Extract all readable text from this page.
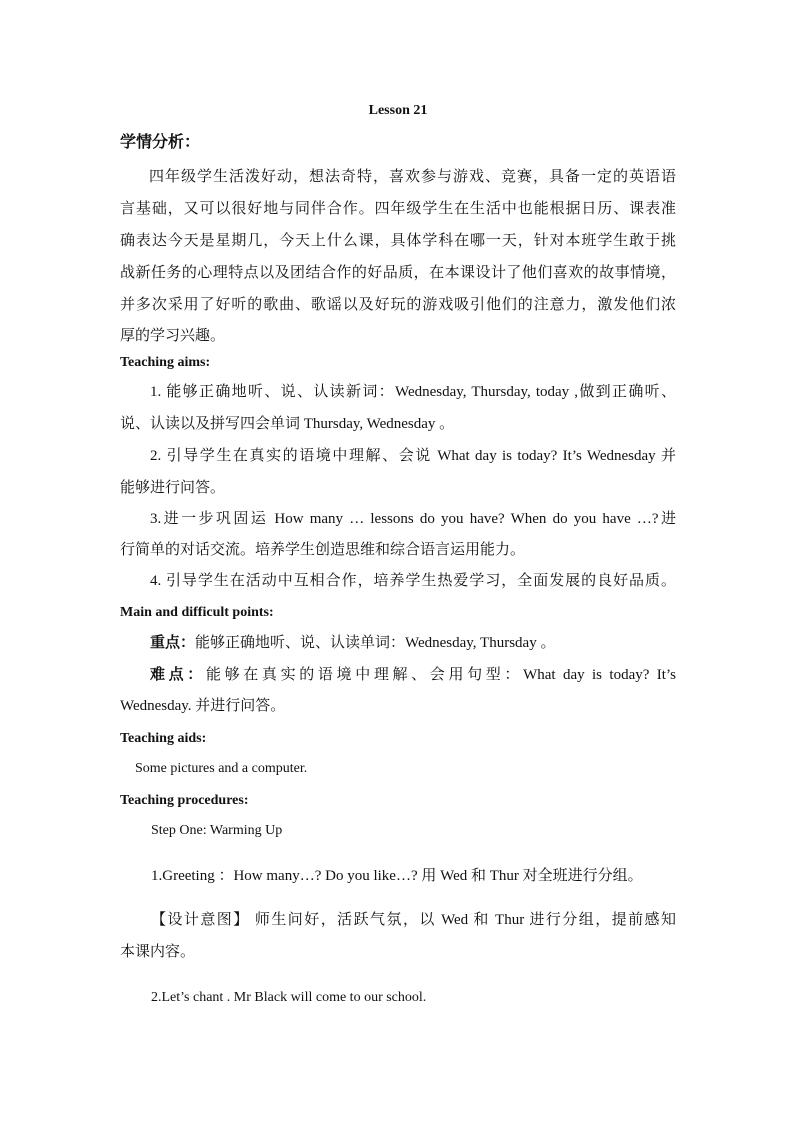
Lesson 21
学情分析：
四年级学生活泼好动，想法奇特，喜欢参与游戏、竞赛，具备一定的英语语
言基础，又可以很好地与同伴合作。四年级学生在生活中也能根据日历、课表准
确表达今天是星期几，今天上什么课，具体学科在哪一天，针对本班学生敢于挑
战新任务的心理特点以及团结合作的好品质，在本课设计了他们喜欢的故事情境，
并多次采用了好听的歌曲、歌谣以及好玩的游戏吸引他们的注意力，激发他们浓
厚的学习兴趣。
Teaching aims:
1. 能够正确地听、说、认读新词：Wednesday, Thursday, today ,做到正确听、
说、认读以及拼写四会单词 Thursday, Wednesday 。
2. 引导学生在真实的语境中理解、会说 What day is today? It’s Wednesday 并
能够进行问答。
3.进一步巩固运 How many … lessons do you have? When do you have …?进
行简单的对话交流。培养学生创造思维和综合语言运用能力。
4. 引导学生在活动中互相合作，培养学生热爱学习，全面发展的良好品质。
Main and difficult points:
重点：能够正确地听、说、认读单词：Wednesday, Thursday 。
难点：能够在真实的语境中理解、会用句型：What day is today? It’s
Wednesday. 并进行问答。
Teaching aids:
Some pictures and a computer.
Teaching procedures:
Step One: Warming Up
1.Greeting ：How many…? Do you like…? 用 Wed 和 Thur 对全班进行分组。
【设计意图】 师生问好，活跃气氛，以 Wed 和 Thur 进行分组，提前感知
本课内容。
2.Let’s chant . Mr Black will come to our school.
